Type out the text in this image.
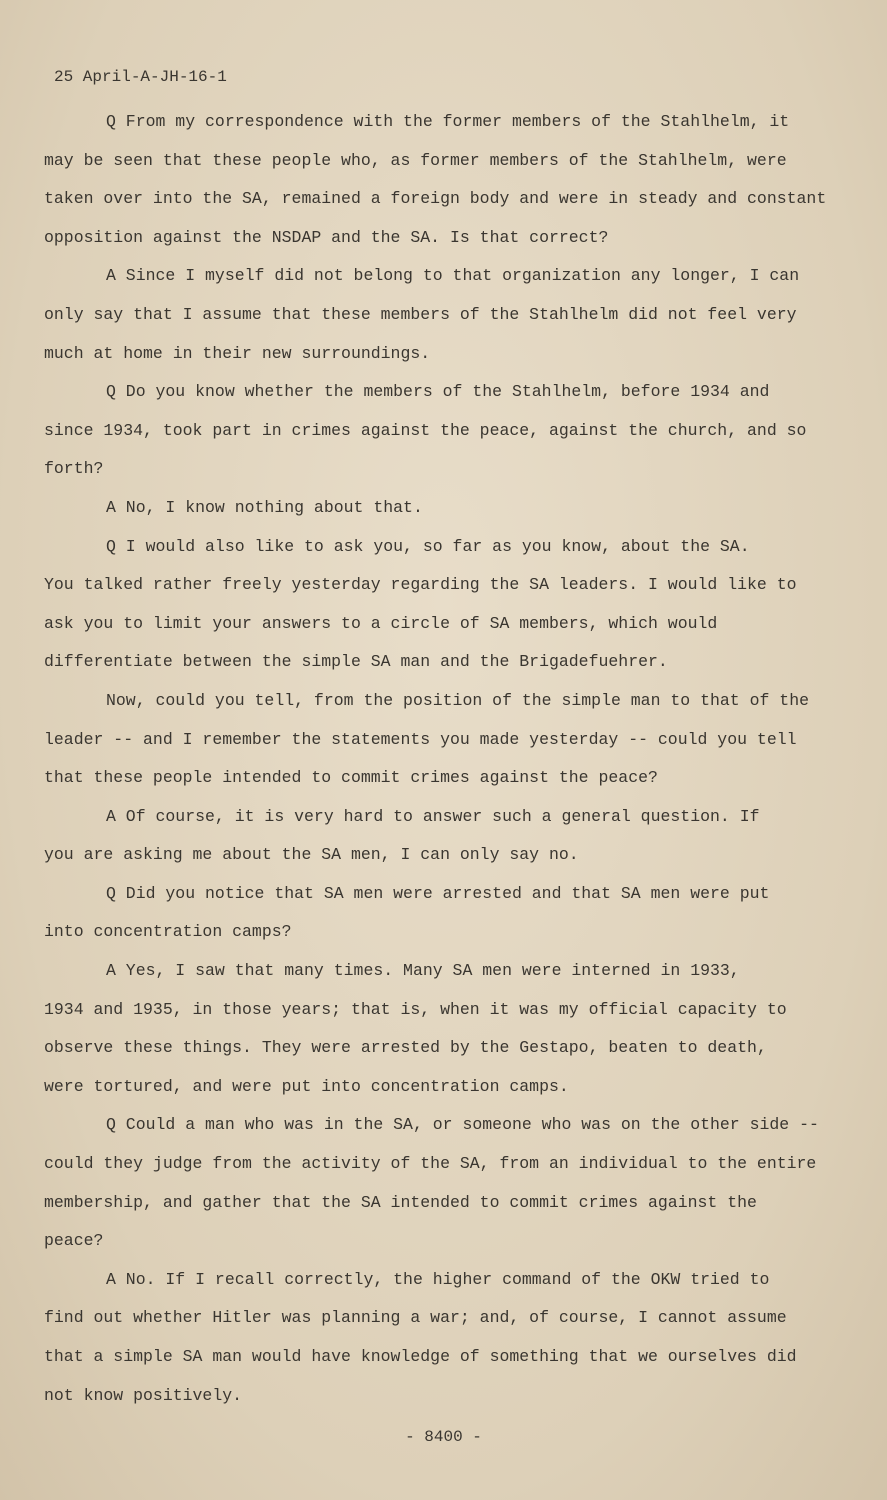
25 April-A-JH-16-1
Q From my correspondence with the former members of the Stahlhelm, it
may be seen that these people who, as former members of the Stahlhelm, were
taken over into the SA, remained a foreign body and were in steady and constant
opposition against the NSDAP and the SA. Is that correct?
A Since I myself did not belong to that organization any longer, I can
only say that I assume that these members of the Stahlhelm did not feel very
much at home in their new surroundings.
Q Do you know whether the members of the Stahlhelm, before 1934 and
since 1934, took part in crimes against the peace, against the church, and so
forth?
A No, I know nothing about that.
Q I would also like to ask you, so far as you know, about the SA.
You talked rather freely yesterday regarding the SA leaders. I would like to
ask you to limit your answers to a circle of SA members, which would
differentiate between the simple SA man and the Brigadefuehrer.
Now, could you tell, from the position of the simple man to that of the
leader -- and I remember the statements you made yesterday -- could you tell
that these people intended to commit crimes against the peace?
A Of course, it is very hard to answer such a general question. If
you are asking me about the SA men, I can only say no.
Q Did you notice that SA men were arrested and that SA men were put
into concentration camps?
A Yes, I saw that many times. Many SA men were interned in 1933,
1934 and 1935, in those years; that is, when it was my official capacity to
observe these things. They were arrested by the Gestapo, beaten to death,
were tortured, and were put into concentration camps.
Q Could a man who was in the SA, or someone who was on the other side --
could they judge from the activity of the SA, from an individual to the entire
membership, and gather that the SA intended to commit crimes against the
peace?
A No. If I recall correctly, the higher command of the OKW tried to
find out whether Hitler was planning a war; and, of course, I cannot assume
that a simple SA man would have knowledge of something that we ourselves did
not know positively.
- 8400 -
